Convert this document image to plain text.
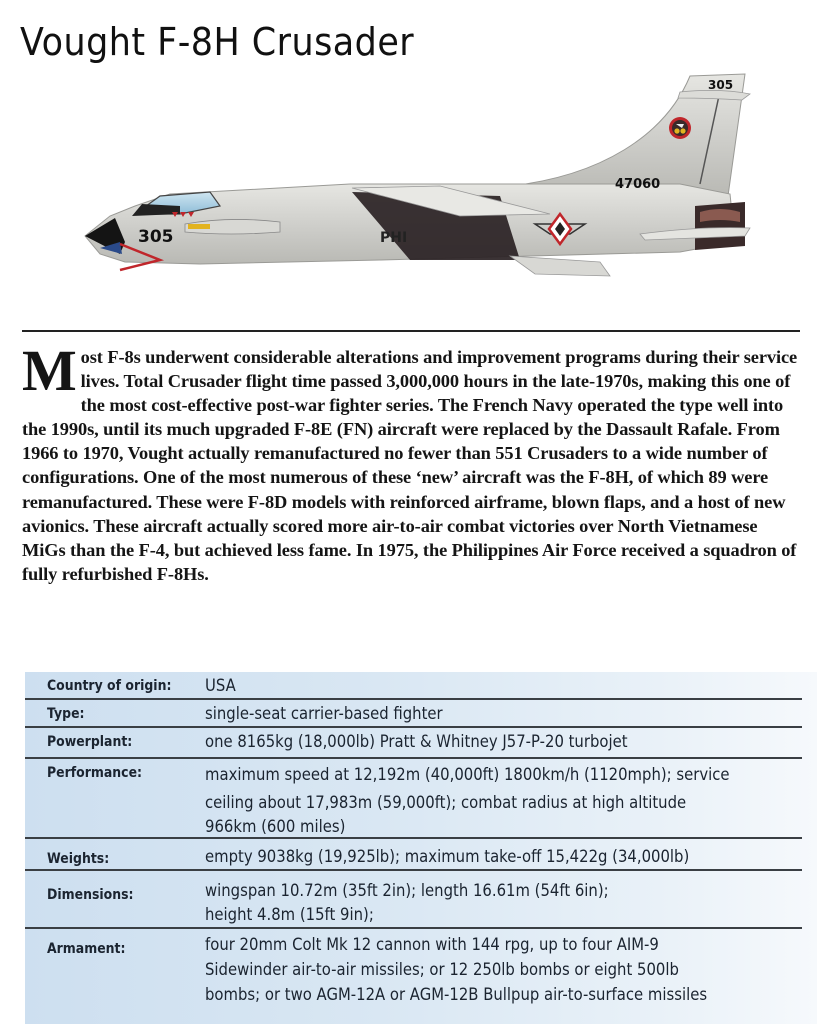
Vought F-8H Crusader
305	PHI
47060
305

Most F-8s underwent considerable alterations and improvement programs during their service lives. Total Crusader flight time passed 3,000,000 hours in the late-1970s, making this one of the most cost-effective post-war fighter series. The French Navy operated the type well into the 1990s, until its much upgraded F-8E (FN) aircraft were replaced by the Dassault Rafale. From 1966 to 1970, Vought actually remanufactured no fewer than 551 Crusaders to a wide number of configurations. One of the most numerous of these ‘new’ aircraft was the F-8H, of which 89 were remanufactured. These were F-8D models with reinforced airframe, blown flaps, and a host of new avionics. These aircraft actually scored more air-to-air combat victories over North Vietnamese MiGs than the F-4, but achieved less fame. In 1975, the Philippines Air Force received a squadron of fully refurbished F-8Hs.

Country of origin: USA
Type:	single-seat carrier-based fighter
Powerplant:	one 8165kg (18,000lb) Pratt & Whitney J57-P-20 turbojet
Performance:	maximum speed at 12,192m (40,000ft) 1800km/h (1120mph); service
ceiling about 17,983m (59,000ft); combat radius at high altitude
966km (600 miles)
Weights:	empty 9038kg (19,925lb); maximum take-off 15,422g (34,000lb)
Dimensions:	wingspan 10.72m (35ft 2in); length 16.61m (54ft 6in);
height 4.8m (15ft 9in);
Armament:	four 20mm Colt Mk 12 cannon with 144 rpg, up to four AIM-9
Sidewinder air-to-air missiles; or 12 250lb bombs or eight 500lb
bombs; or two AGM-12A or AGM-12B Bullpup air-to-surface missiles
